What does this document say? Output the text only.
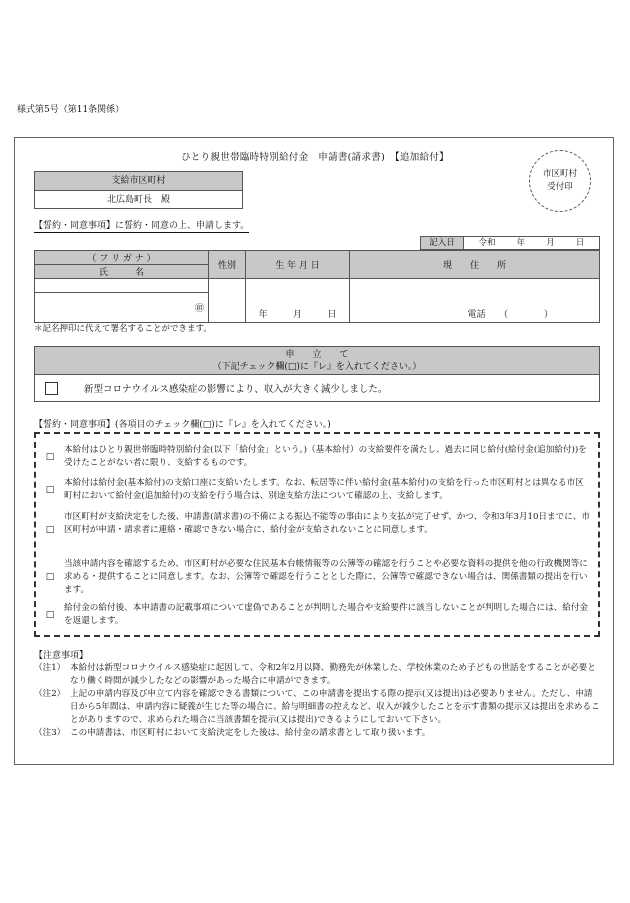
様式第5号（第11条関係）
ひとり親世帯臨時特別給付金　申請書(請求書)　【追加給付】
市区町村
受付印
支給市区町村
北広島町長　殿
【誓約・同意事項】に誓約・同意の上、申請します。
記入日	令和 年 月 日
（ フ リ ガ ナ ）	性別	生 年 月 日	現　　住　　所
氏　　　名			

		年 月 日	電話　　（　　　　）
㊞			
＊記名押印に代えて署名することができます。
申　　立　　て
（下記チェック欄(□)に『レ』を入れてください。）
新型コロナウイルス感染症の影響により、収入が大きく減少しました。
【誓約・同意事項】(各項目のチェック欄(□)に『レ』を入れてください。)
□
本給付はひとり親世帯臨時特別給付金(以下「給付金」という。)（基本給付）の支給要件を満たし、過去に同じ給付(給付金(追加給付))を受けたことがない者に限り、支給するものです。
□
本給付は給付金(基本給付)の支給口座に支給いたします。なお、転居等に伴い給付金(基本給付)の支給を行った市区町村とは異なる市区町村において給付金(追加給付)の支給を行う場合は、別途支給方法について確認の上、支給します。
□
市区町村が支給決定をした後、申請書(請求書)の不備による振込不能等の事由により支払が完了せず、かつ、令和3年3月10日までに、市区町村が申請・請求者に連絡・確認できない場合に、給付金が支給されないことに同意します。
□
当該申請内容を確認するため、市区町村が必要な住民基本台帳情報等の公簿等の確認を行うことや必要な資料の提供を他の行政機関等に求める・提供することに同意します。なお、公簿等で確認を行うこととした際に、公簿等で確認できない場合は、関係書類の提出を行います。
□
給付金の給付後、本申請書の記載事項について虚偽であることが判明した場合や支給要件に該当しないことが判明した場合には、給付金を返還します。
【注意事項】
（注1） 本給付は新型コロナウイルス感染症に起因して、令和2年2月以降、勤務先が休業した、学校休業のため子どもの世話をすることが必要となり働く時間が減少したなどの影響があった場合に申請ができます。
（注2） 上記の申請内容及び申立て内容を確認できる書類について、この申請書を提出する際の提示(又は提出)は必要ありません。ただし、申請日から5年間は、申請内容に疑義が生じた等の場合に、給与明細書の控えなど、収入が減少したことを示す書類の提示又は提出を求めることがありますので、求められた場合に当該書類を提示(又は提出)できるようにしておいて下さい。
（注3） この申請書は、市区町村において支給決定をした後は、給付金の請求書として取り扱います。
